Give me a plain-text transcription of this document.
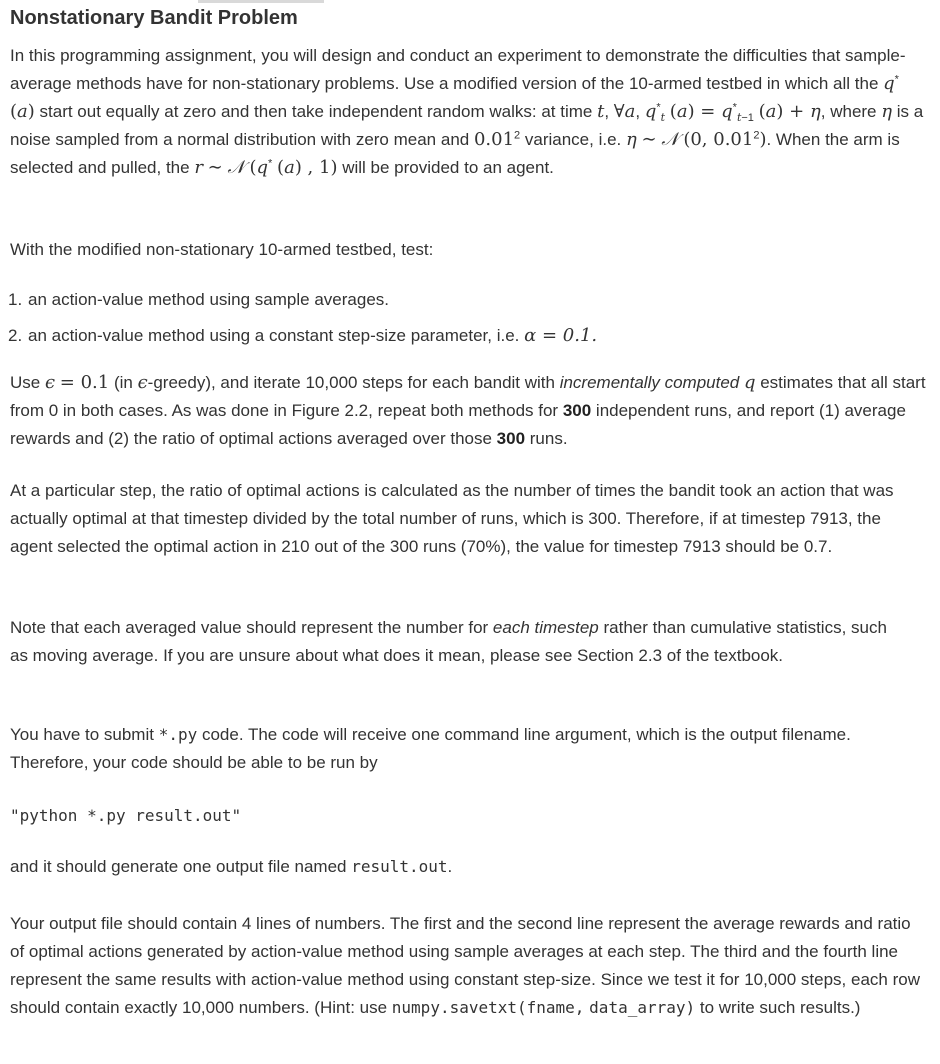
Nonstationary Bandit Problem

In this programming assignment, you will design and conduct an experiment to demonstrate the difficulties that sample-average methods have for non-stationary problems. Use a modified version of the 10-armed testbed in which all the q* (a) start out equally at zero and then take independent random walks: at time t, ∀a, $q^*_t$ $(a) = q^*_{t-1}$ (a) + η, where η is a noise sampled from a normal distribution with zero mean and 0.01$^2$ variance, i.e. η ∼ 𝒩 (0, 0.01$^2$). When the arm is selected and pulled, the r ∼ 𝒩 (q* (a) , 1) will be provided to an agent.

With the modified non-stationary 10-armed testbed, test:

1. an action-value method using sample averages.
2. an action-value method using a constant step-size parameter, i.e. α = 0.1.

Use ϵ = 0.1 (in ϵ-greedy), and iterate 10,000 steps for each bandit with incrementally computed q estimates that all start from 0 in both cases. As was done in Figure 2.2, repeat both methods for 300 independent runs, and report (1) average rewards and (2) the ratio of optimal actions averaged over those 300 runs.

At a particular step, the ratio of optimal actions is calculated as the number of times the bandit took an action that was actually optimal at that timestep divided by the total number of runs, which is 300. Therefore, if at timestep 7913, the agent selected the optimal action in 210 out of the 300 runs (70%), the value for timestep 7913 should be 0.7.

Note that each averaged value should represent the number for each timestep rather than cumulative statistics, such as moving average. If you are unsure about what does it mean, please see Section 2.3 of the textbook.

You have to submit *.py code. The code will receive one command line argument, which is the output filename. Therefore, your code should be able to be run by

"python *.py result.out"

and it should generate one output file named result.out.

Your output file should contain 4 lines of numbers. The first and the second line represent the average rewards and ratio of optimal actions generated by action-value method using sample averages at each step. The third and the fourth line represent the same results with action-value method using constant step-size. Since we test it for 10,000 steps, each row should contain exactly 10,000 numbers. (Hint: use numpy.savetxt(fname, data_array) to write such results.)
